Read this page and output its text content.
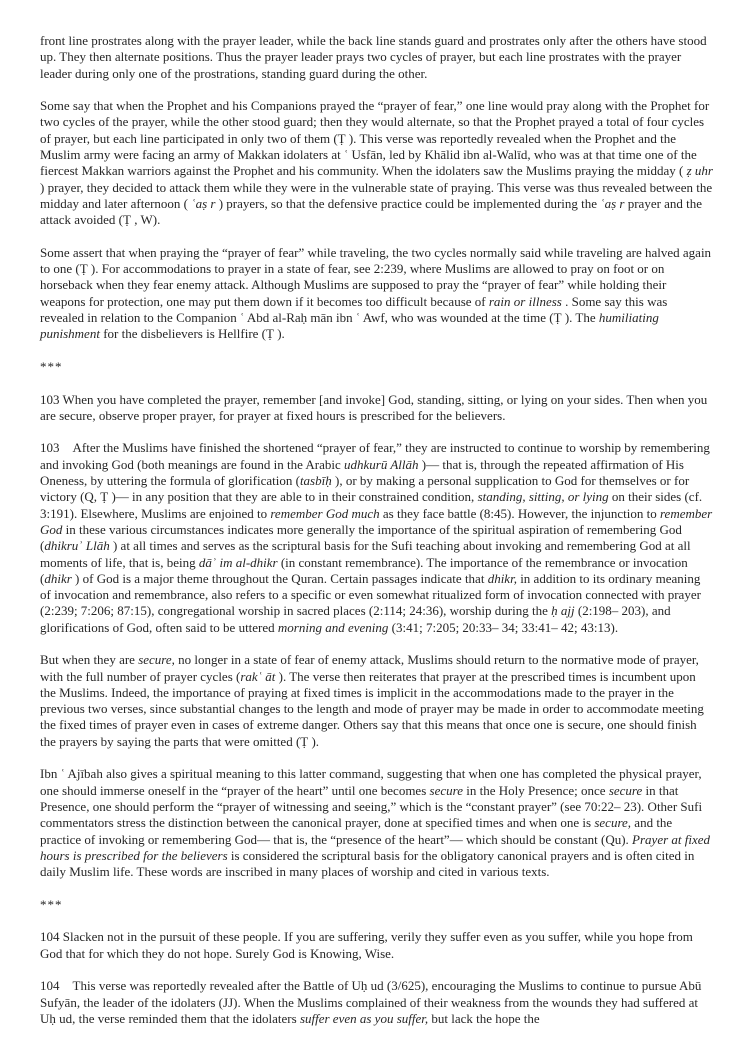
front line prostrates along with the prayer leader, while the back line stands guard and prostrates only after the others have stood up. They then alternate positions. Thus the prayer leader prays two cycles of prayer, but each line prostrates with the prayer leader during only one of the prostrations, standing guard during the other.

Some say that when the Prophet and his Companions prayed the “prayer of fear,” one line would pray along with the Prophet for two cycles of the prayer, while the other stood guard; then they would alternate, so that the Prophet prayed a total of four cycles of prayer, but each line participated in only two of them (Ṭ ). This verse was reportedly revealed when the Prophet and the Muslim army were facing an army of Makkan idolaters at ʿ Usfān, led by Khālid ibn al-Walīd, who was at that time one of the fiercest Makkan warriors against the Prophet and his community. When the idolaters saw the Muslims praying the midday ( ẓ uhr ) prayer, they decided to attack them while they were in the vulnerable state of praying. This verse was thus revealed between the midday and later afternoon ( ʿaṣ r ) prayers, so that the defensive practice could be implemented during the ʿaṣ r prayer and the attack avoided (Ṭ , W).

Some assert that when praying the “prayer of fear” while traveling, the two cycles normally said while traveling are halved again to one (Ṭ ). For accommodations to prayer in a state of fear, see 2:239, where Muslims are allowed to pray on foot or on horseback when they fear enemy attack. Although Muslims are supposed to pray the “prayer of fear” while holding their weapons for protection, one may put them down if it becomes too difficult because of rain or illness . Some say this was revealed in relation to the Companion ʿ Abd al-Raḥ mān ibn ʿ Awf, who was wounded at the time (Ṭ ). The humiliating punishment for the disbelievers is Hellfire (Ṭ ).

***

103 When you have completed the prayer, remember [and invoke] God, standing, sitting, or lying on your sides. Then when you are secure, observe proper prayer, for prayer at fixed hours is prescribed for the believers.

103    After the Muslims have finished the shortened “prayer of fear,” they are instructed to continue to worship by remembering and invoking God (both meanings are found in the Arabic udhkurū Allāh )— that is, through the repeated affirmation of His Oneness, by uttering the formula of glorification (tasbīḥ ), or by making a personal supplication to God for themselves or for victory (Q, Ṭ )— in any position that they are able to in their constrained condition, standing, sitting, or lying on their sides (cf. 3:191). Elsewhere, Muslims are enjoined to remember God much as they face battle (8:45). However, the injunction to remember God in these various circumstances indicates more generally the importance of the spiritual aspiration of remembering God (dhikruʾ Llāh ) at all times and serves as the scriptural basis for the Sufi teaching about invoking and remembering God at all moments of life, that is, being dāʾ im al-dhikr (in constant remembrance). The importance of the remembrance or invocation (dhikr ) of God is a major theme throughout the Quran. Certain passages indicate that dhikr, in addition to its ordinary meaning of invocation and remembrance, also refers to a specific or even somewhat ritualized form of invocation connected with prayer (2:239; 7:206; 87:15), congregational worship in sacred places (2:114; 24:36), worship during the ḥ ajj (2:198– 203), and glorifications of God, often said to be uttered morning and evening (3:41; 7:205; 20:33– 34; 33:41– 42; 43:13).

But when they are secure, no longer in a state of fear of enemy attack, Muslims should return to the normative mode of prayer, with the full number of prayer cycles (rakʿ āt ). The verse then reiterates that prayer at the prescribed times is incumbent upon the Muslims. Indeed, the importance of praying at fixed times is implicit in the accommodations made to the prayer in the previous two verses, since substantial changes to the length and mode of prayer may be made in order to accommodate meeting the fixed times of prayer even in cases of extreme danger. Others say that this means that once one is secure, one should finish the prayers by saying the parts that were omitted (Ṭ ).

Ibn ʿ Ajībah also gives a spiritual meaning to this latter command, suggesting that when one has completed the physical prayer, one should immerse oneself in the “prayer of the heart” until one becomes secure in the Holy Presence; once secure in that Presence, one should perform the “prayer of witnessing and seeing,” which is the “constant prayer” (see 70:22– 23). Other Sufi commentators stress the distinction between the canonical prayer, done at specified times and when one is secure, and the practice of invoking or remembering God— that is, the “presence of the heart”— which should be constant (Qu). Prayer at fixed hours is prescribed for the believers is considered the scriptural basis for the obligatory canonical prayers and is often cited in daily Muslim life. These words are inscribed in many places of worship and cited in various texts.

***

104 Slacken not in the pursuit of these people. If you are suffering, verily they suffer even as you suffer, while you hope from God that for which they do not hope. Surely God is Knowing, Wise.

104    This verse was reportedly revealed after the Battle of Uḥ ud (3/625), encouraging the Muslims to continue to pursue Abū Sufyān, the leader of the idolaters (JJ). When the Muslims complained of their weakness from the wounds they had suffered at Uḥ ud, the verse reminded them that the idolaters suffer even as you suffer, but lack the hope the
